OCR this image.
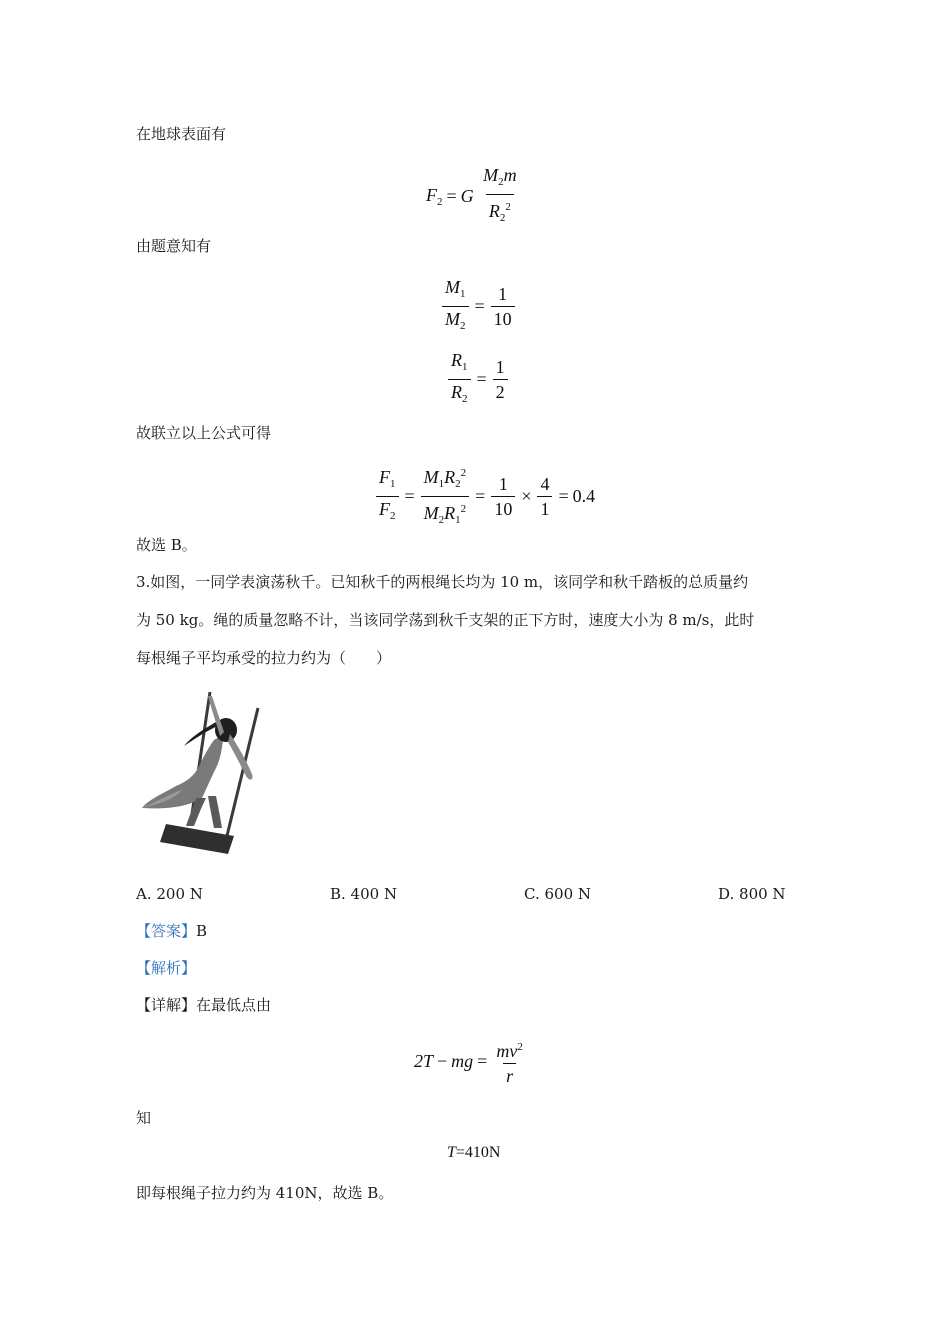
在地球表面有
$F_2 = G \frac{M_2m}{R_2^2}$
由题意知有
$\frac{M_1}{M_2} = \frac{1}{10}$
$\frac{R_1}{R_2} = \frac{1}{2}$
故联立以上公式可得
$\frac{F_1}{F_2} = \frac{M_1R_2^2}{M_2R_1^2} = \frac{1}{10} \times \frac{4}{1} = 0.4$
故选 B。
3.如图，一同学表演荡秋千。已知秋千的两根绳长均为 10 m，该同学和秋千踏板的总质量约
为 50 kg。绳的质量忽略不计，当该同学荡到秋千支架的正下方时，速度大小为 8 m/s，此时
每根绳子平均承受的拉力约为（　　）
A. 200 N	B. 400 N	C. 600 N	D. 800 N
【答案】B
【解析】
【详解】在最低点由
2T − mg = $\frac{mv^2}{r}$
知
T=410N
即每根绳子拉力约为 410N，故选 B。
